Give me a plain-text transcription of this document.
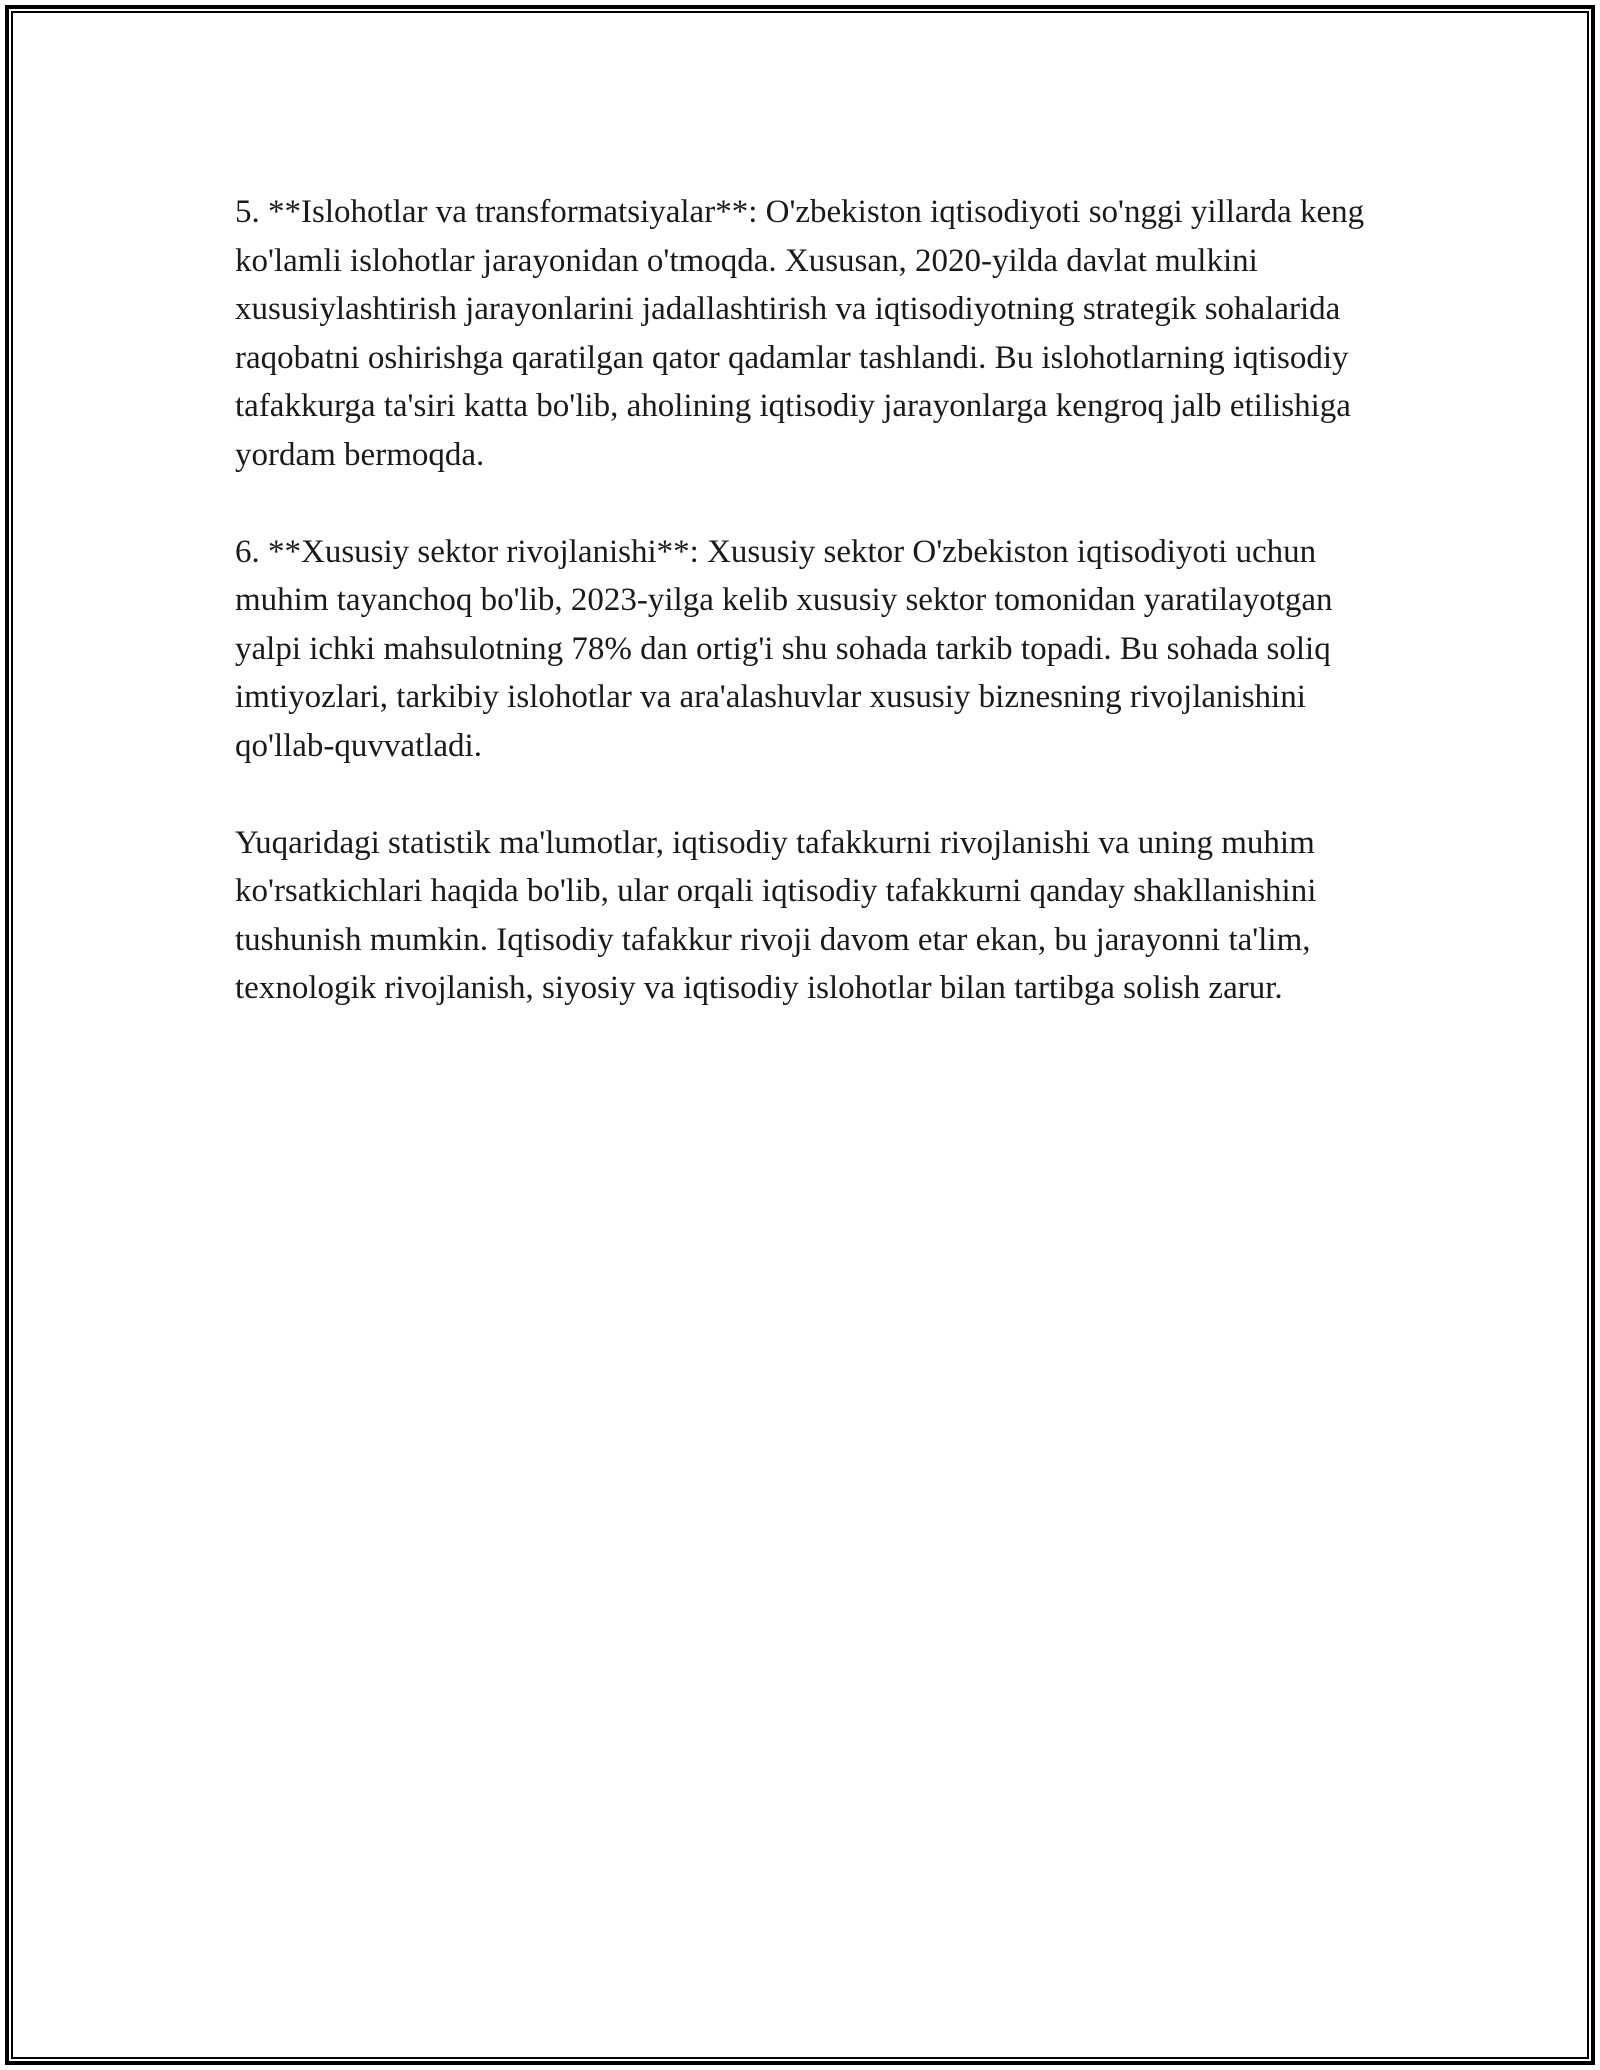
5. **Islohotlar va transformatsiyalar**: O'zbekiston iqtisodiyoti so'nggi yillarda keng ko'lamli islohotlar jarayonidan o'tmoqda. Xususan, 2020-yilda davlat mulkini xususiylashtirish jarayonlarini jadallashtirish va iqtisodiyotning strategik sohalarida raqobatni oshirishga qaratilgan qator qadamlar tashlandi. Bu islohotlarning iqtisodiy tafakkurga ta'siri katta bo'lib, aholining iqtisodiy jarayonlarga kengroq jalb etilishiga yordam bermoqda.

6. **Xususiy sektor rivojlanishi**: Xususiy sektor O'zbekiston iqtisodiyoti uchun muhim tayanchoq bo'lib, 2023-yilga kelib xususiy sektor tomonidan yaratilayotgan yalpi ichki mahsulotning 78% dan ortig'i shu sohada tarkib topadi. Bu sohada soliq imtiyozlari, tarkibiy islohotlar va ara'alashuvlar xususiy biznesning rivojlanishini qo'llab-quvvatladi.

Yuqaridagi statistik ma'lumotlar, iqtisodiy tafakkurni rivojlanishi va uning muhim ko'rsatkichlari haqida bo'lib, ular orqali iqtisodiy tafakkurni qanday shakllanishini tushunish mumkin. Iqtisodiy tafakkur rivoji davom etar ekan, bu jarayonni ta'lim, texnologik rivojlanish, siyosiy va iqtisodiy islohotlar bilan tartibga solish zarur.
